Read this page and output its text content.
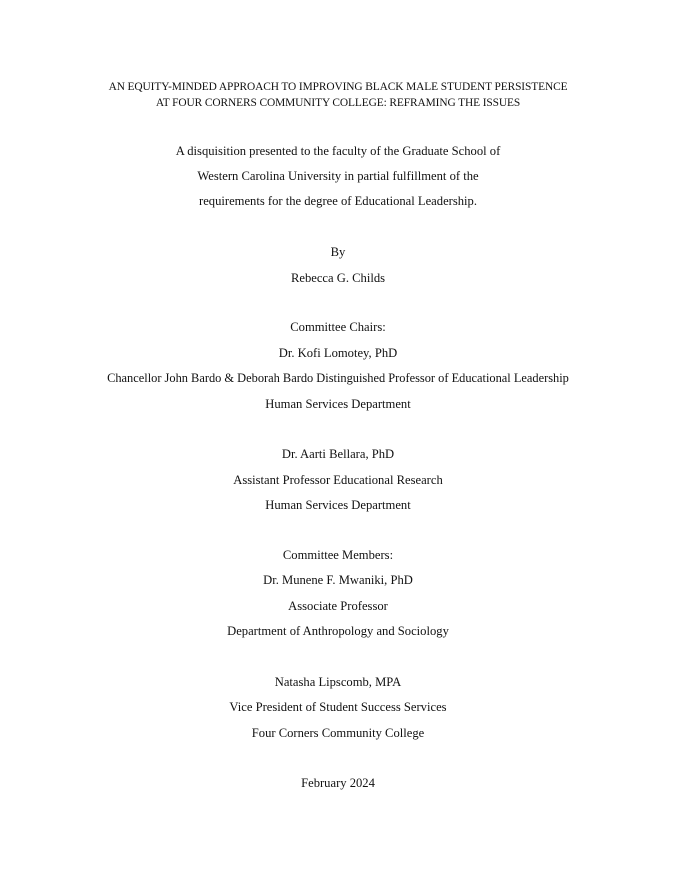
AN EQUITY-MINDED APPROACH TO IMPROVING BLACK MALE STUDENT PERSISTENCE
AT FOUR CORNERS COMMUNITY COLLEGE: REFRAMING THE ISSUES
A disquisition presented to the faculty of the Graduate School of
Western Carolina University in partial fulfillment of the
requirements for the degree of Educational Leadership.
By
Rebecca G. Childs
Committee Chairs:
Dr. Kofi Lomotey, PhD
Chancellor John Bardo & Deborah Bardo Distinguished Professor of Educational Leadership
Human Services Department
Dr. Aarti Bellara, PhD
Assistant Professor Educational Research
Human Services Department
Committee Members:
Dr. Munene F. Mwaniki, PhD
Associate Professor
Department of Anthropology and Sociology
Natasha Lipscomb, MPA
Vice President of Student Success Services
Four Corners Community College
February 2024
